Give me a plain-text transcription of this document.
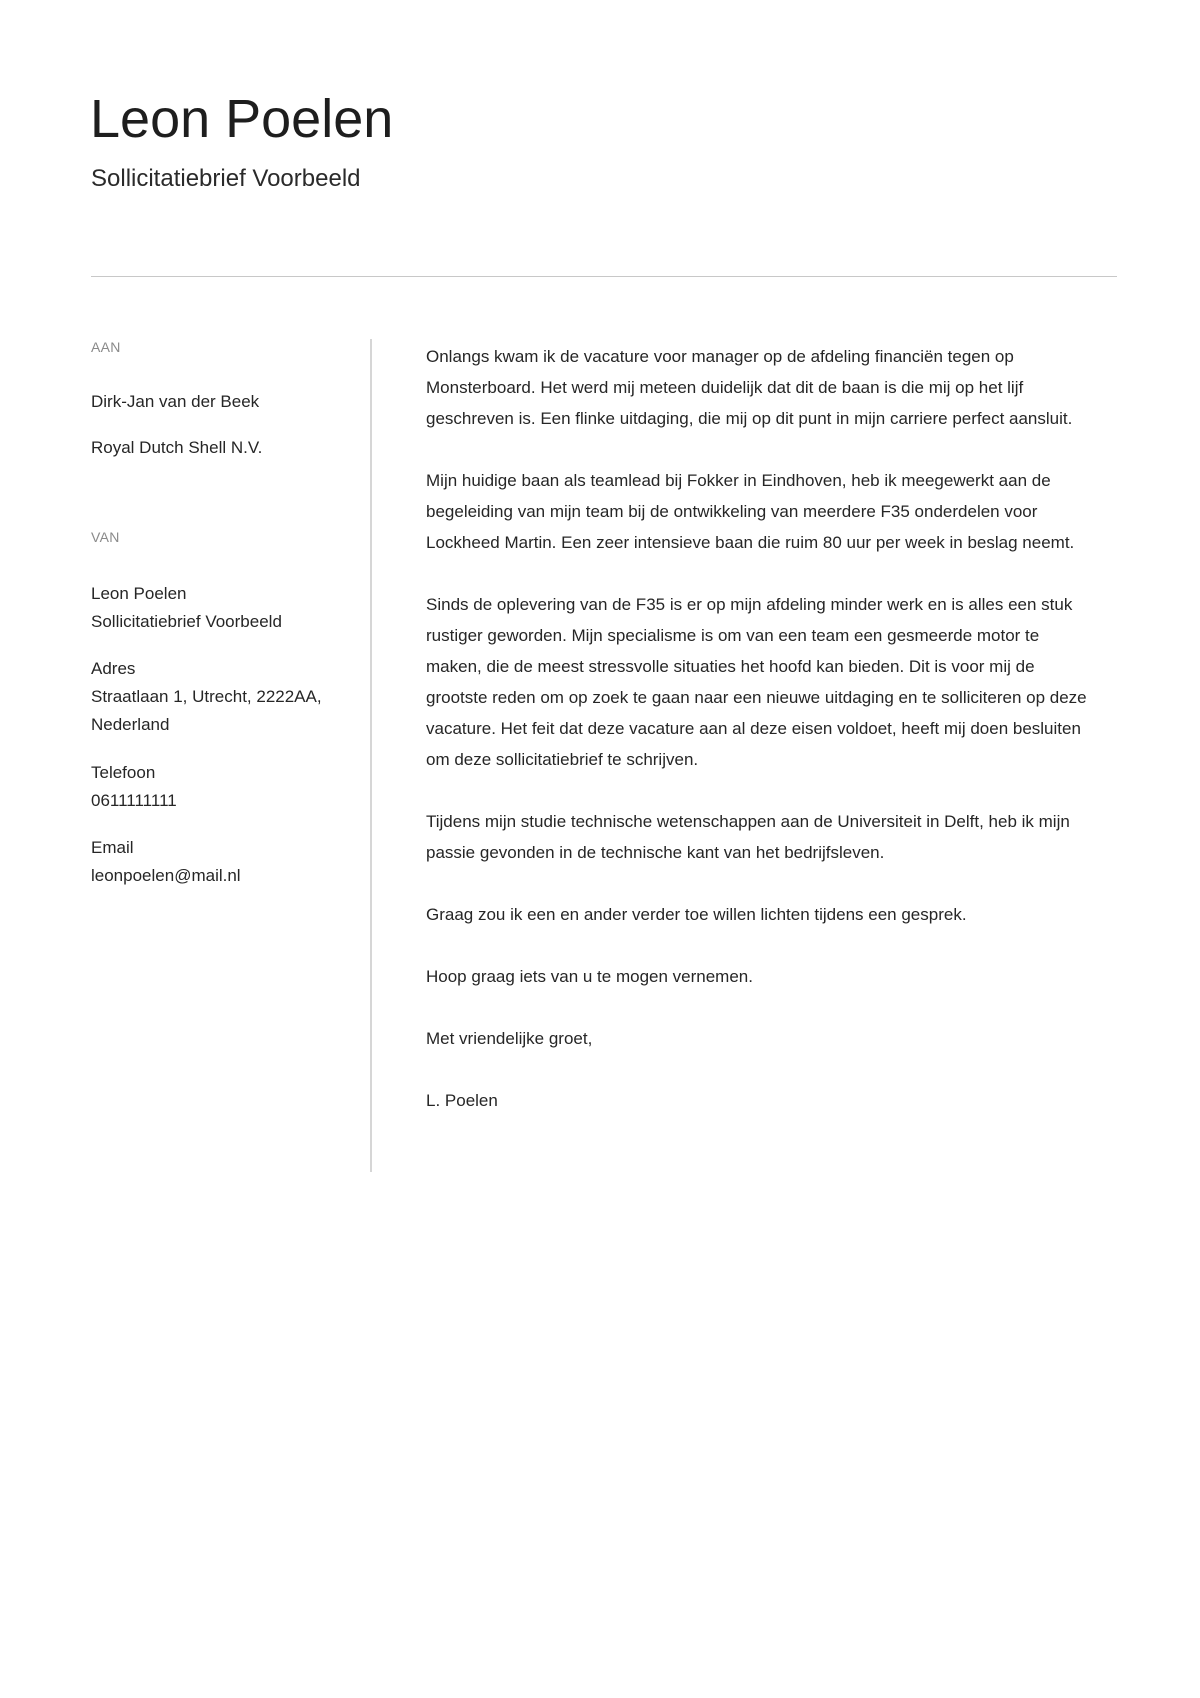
Leon Poelen
Sollicitatiebrief Voorbeeld
AAN
Dirk-Jan van der Beek
Royal Dutch Shell N.V.
VAN
Leon Poelen
Sollicitatiebrief Voorbeeld
Adres
Straatlaan 1, Utrecht, 2222AA, Nederland
Telefoon
0611111111
Email
leonpoelen@mail.nl

Onlangs kwam ik de vacature voor manager op de afdeling financiën tegen op Monsterboard. Het werd mij meteen duidelijk dat dit de baan is die mij op het lijf geschreven is. Een flinke uitdaging, die mij op dit punt in mijn carriere perfect aansluit.

Mijn huidige baan als teamlead bij Fokker in Eindhoven, heb ik meegewerkt aan de begeleiding van mijn team bij de ontwikkeling van meerdere F35 onderdelen voor Lockheed Martin. Een zeer intensieve baan die ruim 80 uur per week in beslag neemt.

Sinds de oplevering van de F35 is er op mijn afdeling minder werk en is alles een stuk rustiger geworden. Mijn specialisme is om van een team een gesmeerde motor te maken, die de meest stressvolle situaties het hoofd kan bieden. Dit is voor mij de grootste reden om op zoek te gaan naar een nieuwe uitdaging en te solliciteren op deze vacature. Het feit dat deze vacature aan al deze eisen voldoet, heeft mij doen besluiten om deze sollicitatiebrief te schrijven.

Tijdens mijn studie technische wetenschappen aan de Universiteit in Delft, heb ik mijn passie gevonden in de technische kant van het bedrijfsleven.

Graag zou ik een en ander verder toe willen lichten tijdens een gesprek.

Hoop graag iets van u te mogen vernemen.

Met vriendelijke groet,

L. Poelen
